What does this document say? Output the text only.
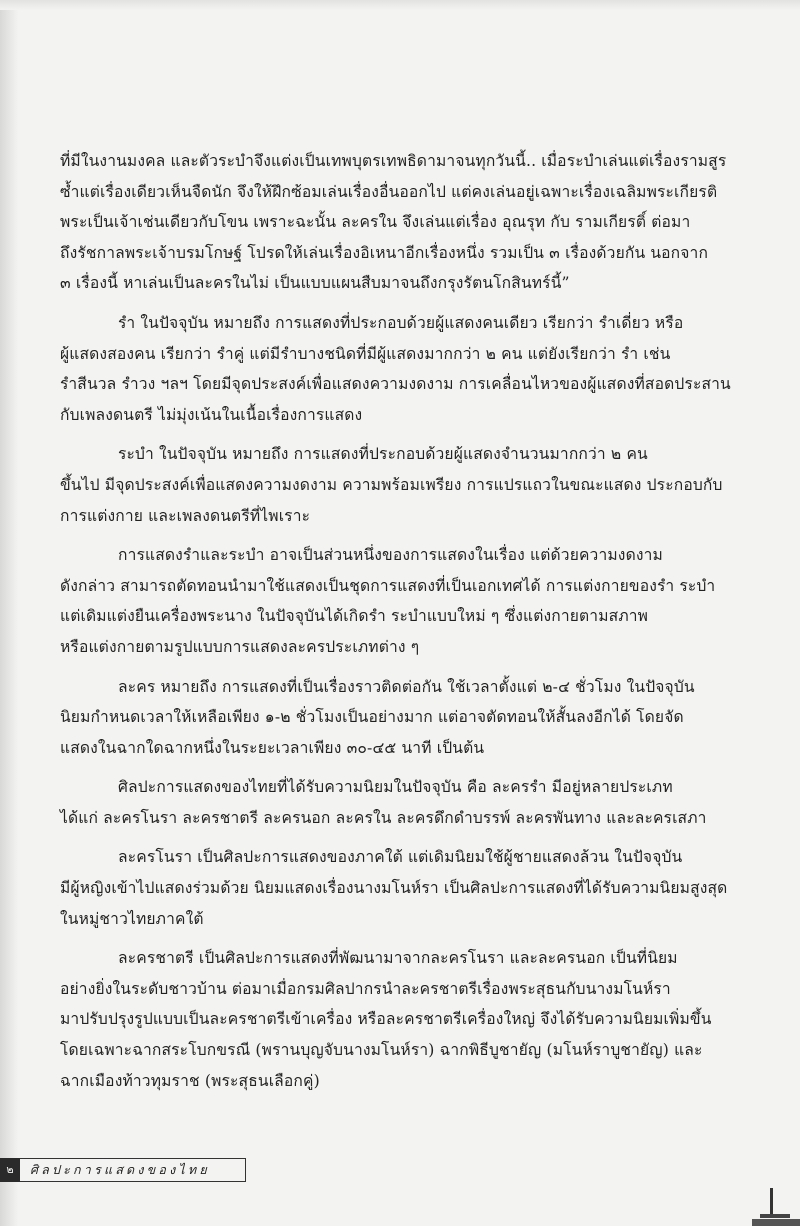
ที่มีในงานมงคล และตัวระบำจึงแต่งเป็นเทพบุตรเทพธิดามาจนทุกวันนี้.. เมื่อระบำเล่นแต่เรื่องรามสูร
ซ้ำแต่เรื่องเดียวเห็นจืดนัก จึงให้ฝึกซ้อมเล่นเรื่องอื่นออกไป แต่คงเล่นอยู่เฉพาะเรื่องเฉลิมพระเกียรติ
พระเป็นเจ้าเช่นเดียวกับโขน เพราะฉะนั้น ละครใน จึงเล่นแต่เรื่อง อุณรุท กับ รามเกียรติ์ ต่อมา
ถึงรัชกาลพระเจ้าบรมโกษฐ์ โปรดให้เล่นเรื่องอิเหนาอีกเรื่องหนึ่ง รวมเป็น ๓ เรื่องด้วยกัน นอกจาก
๓ เรื่องนี้ หาเล่นเป็นละครในไม่ เป็นแบบแผนสืบมาจนถึงกรุงรัตนโกสินทร์นี้”

รำ ในปัจจุบัน หมายถึง การแสดงที่ประกอบด้วยผู้แสดงคนเดียว เรียกว่า รำเดี่ยว หรือ
ผู้แสดงสองคน เรียกว่า รำคู่ แต่มีรำบางชนิดที่มีผู้แสดงมากกว่า ๒ คน แต่ยังเรียกว่า รำ เช่น
รำสีนวล รำวง ฯลฯ โดยมีจุดประสงค์เพื่อแสดงความงดงาม การเคลื่อนไหวของผู้แสดงที่สอดประสาน
กับเพลงดนตรี ไม่มุ่งเน้นในเนื้อเรื่องการแสดง

ระบำ ในปัจจุบัน หมายถึง การแสดงที่ประกอบด้วยผู้แสดงจำนวนมากกว่า ๒ คน
ขึ้นไป มีจุดประสงค์เพื่อแสดงความงดงาม ความพร้อมเพรียง การแปรแถวในขณะแสดง ประกอบกับ
การแต่งกาย และเพลงดนตรีที่ไพเราะ

การแสดงรำและระบำ อาจเป็นส่วนหนึ่งของการแสดงในเรื่อง แต่ด้วยความงดงาม
ดังกล่าว สามารถตัดทอนนำมาใช้แสดงเป็นชุดการแสดงที่เป็นเอกเทศได้ การแต่งกายของรำ ระบำ
แต่เดิมแต่งยืนเครื่องพระนาง ในปัจจุบันได้เกิดรำ ระบำแบบใหม่ ๆ ซึ่งแต่งกายตามสภาพ
หรือแต่งกายตามรูปแบบการแสดงละครประเภทต่าง ๆ

ละคร หมายถึง การแสดงที่เป็นเรื่องราวติดต่อกัน ใช้เวลาตั้งแต่ ๒-๔ ชั่วโมง ในปัจจุบัน
นิยมกำหนดเวลาให้เหลือเพียง ๑-๒ ชั่วโมงเป็นอย่างมาก แต่อาจตัดทอนให้สั้นลงอีกได้ โดยจัด
แสดงในฉากใดฉากหนึ่งในระยะเวลาเพียง ๓๐-๔๕ นาที เป็นต้น

ศิลปะการแสดงของไทยที่ได้รับความนิยมในปัจจุบัน คือ ละครรำ มีอยู่หลายประเภท
ได้แก่ ละครโนรา ละครชาตรี ละครนอก ละครใน ละครดึกดำบรรพ์ ละครพันทาง และละครเสภา

ละครโนรา เป็นศิลปะการแสดงของภาคใต้ แต่เดิมนิยมใช้ผู้ชายแสดงล้วน ในปัจจุบัน
มีผู้หญิงเข้าไปแสดงร่วมด้วย นิยมแสดงเรื่องนางมโนห์รา เป็นศิลปะการแสดงที่ได้รับความนิยมสูงสุด
ในหมู่ชาวไทยภาคใต้

ละครชาตรี เป็นศิลปะการแสดงที่พัฒนามาจากละครโนรา และละครนอก เป็นที่นิยม
อย่างยิ่งในระดับชาวบ้าน ต่อมาเมื่อกรมศิลปากรนำละครชาตรีเรื่องพระสุธนกับนางมโนห์รา
มาปรับปรุงรูปแบบเป็นละครชาตรีเข้าเครื่อง หรือละครชาตรีเครื่องใหญ่ จึงได้รับความนิยมเพิ่มขึ้น
โดยเฉพาะฉากสระโบกขรณี (พรานบุญจับนางมโนห์รา) ฉากพิธีบูชายัญ (มโนห์ราบูชายัญ) และ
ฉากเมืองท้าวทุมราช (พระสุธนเลือกคู่)

๒	ศิลปะการแสดงของไทย
